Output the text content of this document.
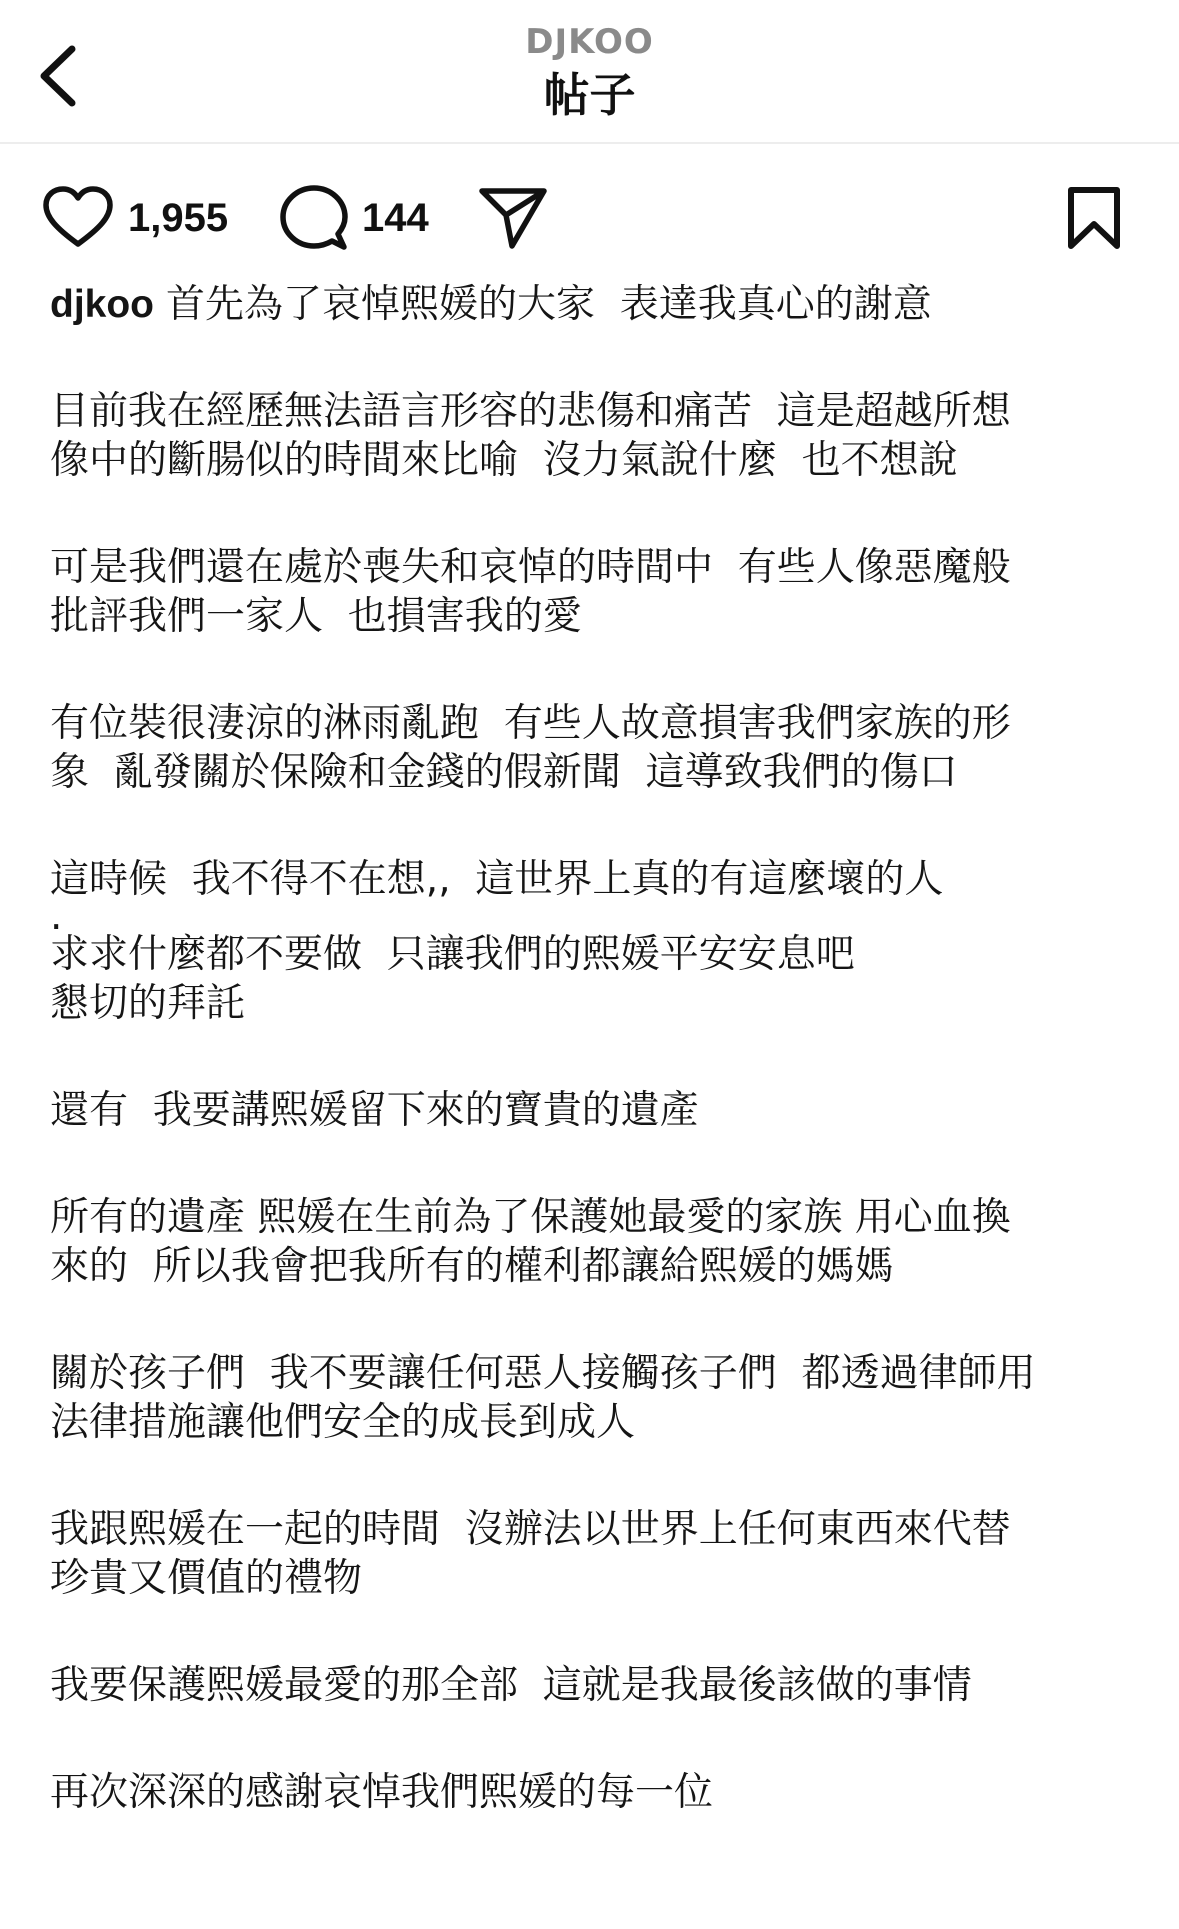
DJKOO
帖子
1,955	144

djkoo 首先為了哀悼熙媛的大家  表達我真心的謝意

目前我在經歷無法語言形容的悲傷和痛苦  這是超越所想
像中的斷腸似的時間來比喻  沒力氣說什麼  也不想說

可是我們還在處於喪失和哀悼的時間中  有些人像惡魔般
批評我們一家人  也損害我的愛

有位裝很淒涼的淋雨亂跑  有些人故意損害我們家族的形
象  亂發關於保險和金錢的假新聞  這導致我們的傷口

這時候  我不得不在想,,  這世界上真的有這麼壞的人

.

求求什麼都不要做  只讓我們的熙媛平安安息吧
懇切的拜託

還有  我要講熙媛留下來的寶貴的遺產

所有的遺產 熙媛在生前為了保護她最愛的家族 用心血換
來的  所以我會把我所有的權利都讓給熙媛的媽媽

關於孩子們  我不要讓任何惡人接觸孩子們  都透過律師用
法律措施讓他們安全的成長到成人

我跟熙媛在一起的時間  沒辦法以世界上任何東西來代替
珍貴又價值的禮物

我要保護熙媛最愛的那全部  這就是我最後該做的事情

再次深深的感謝哀悼我們熙媛的每一位
